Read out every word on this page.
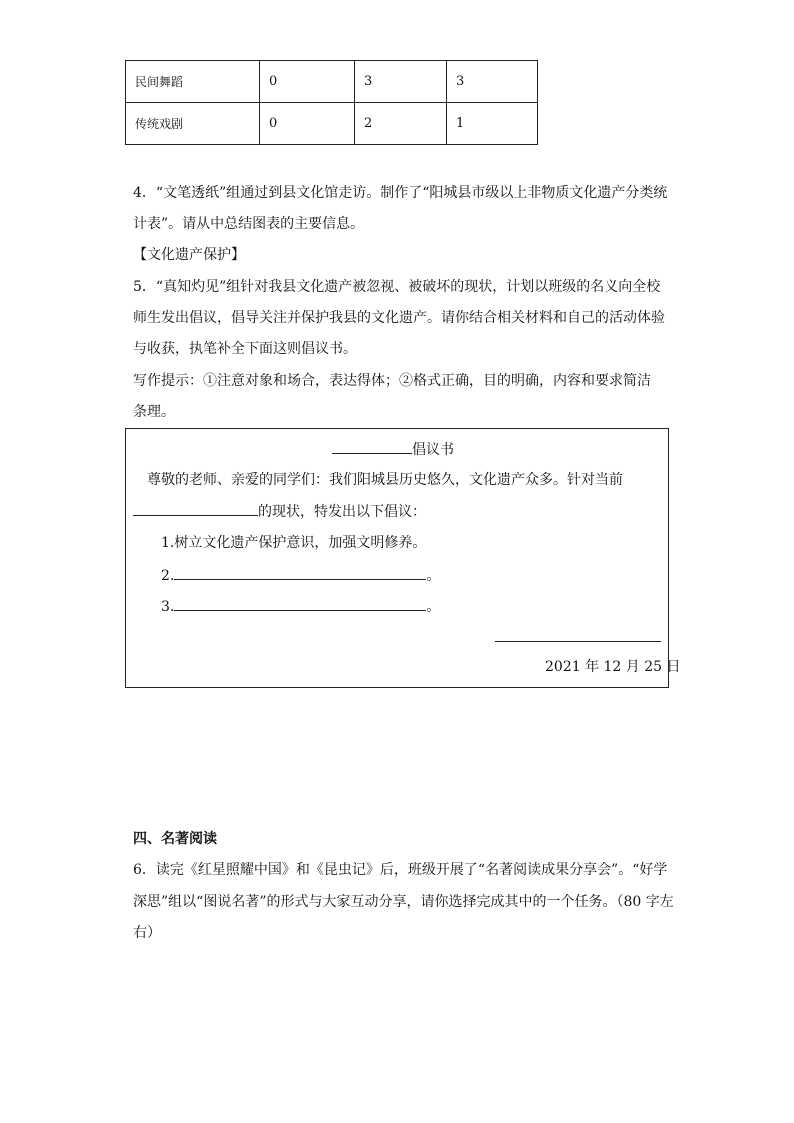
民间舞蹈	0	3	3
传统戏剧	0	2	1
4．“文笔透纸”组通过到县文化馆走访。制作了“阳城县市级以上非物质文化遗产分类统
计表”。请从中总结图表的主要信息。
【文化遗产保护】
5．“真知灼见”组针对我县文化遗产被忽视、被破坏的现状，计划以班级的名义向全校
师生发出倡议，倡导关注并保护我县的文化遗产。请你结合相关材料和自己的活动体验
与收获，执笔补全下面这则倡议书。
写作提示：①注意对象和场合，表达得体；②格式正确，目的明确，内容和要求简洁
条理。
倡议书
尊敬的老师、亲爱的同学们：我们阳城县历史悠久，文化遗产众多。针对当前
的现状，特发出以下倡议：
1.树立文化遗产保护意识，加强文明修养。
2.	。
3.	。
2021 年 12 月 25 日
四、名著阅读
6．读完《红星照耀中国》和《昆虫记》后，班级开展了“名著阅读成果分享会”。“好学
深思”组以“图说名著”的形式与大家互动分享，请你选择完成其中的一个任务。（80 字左
右）
